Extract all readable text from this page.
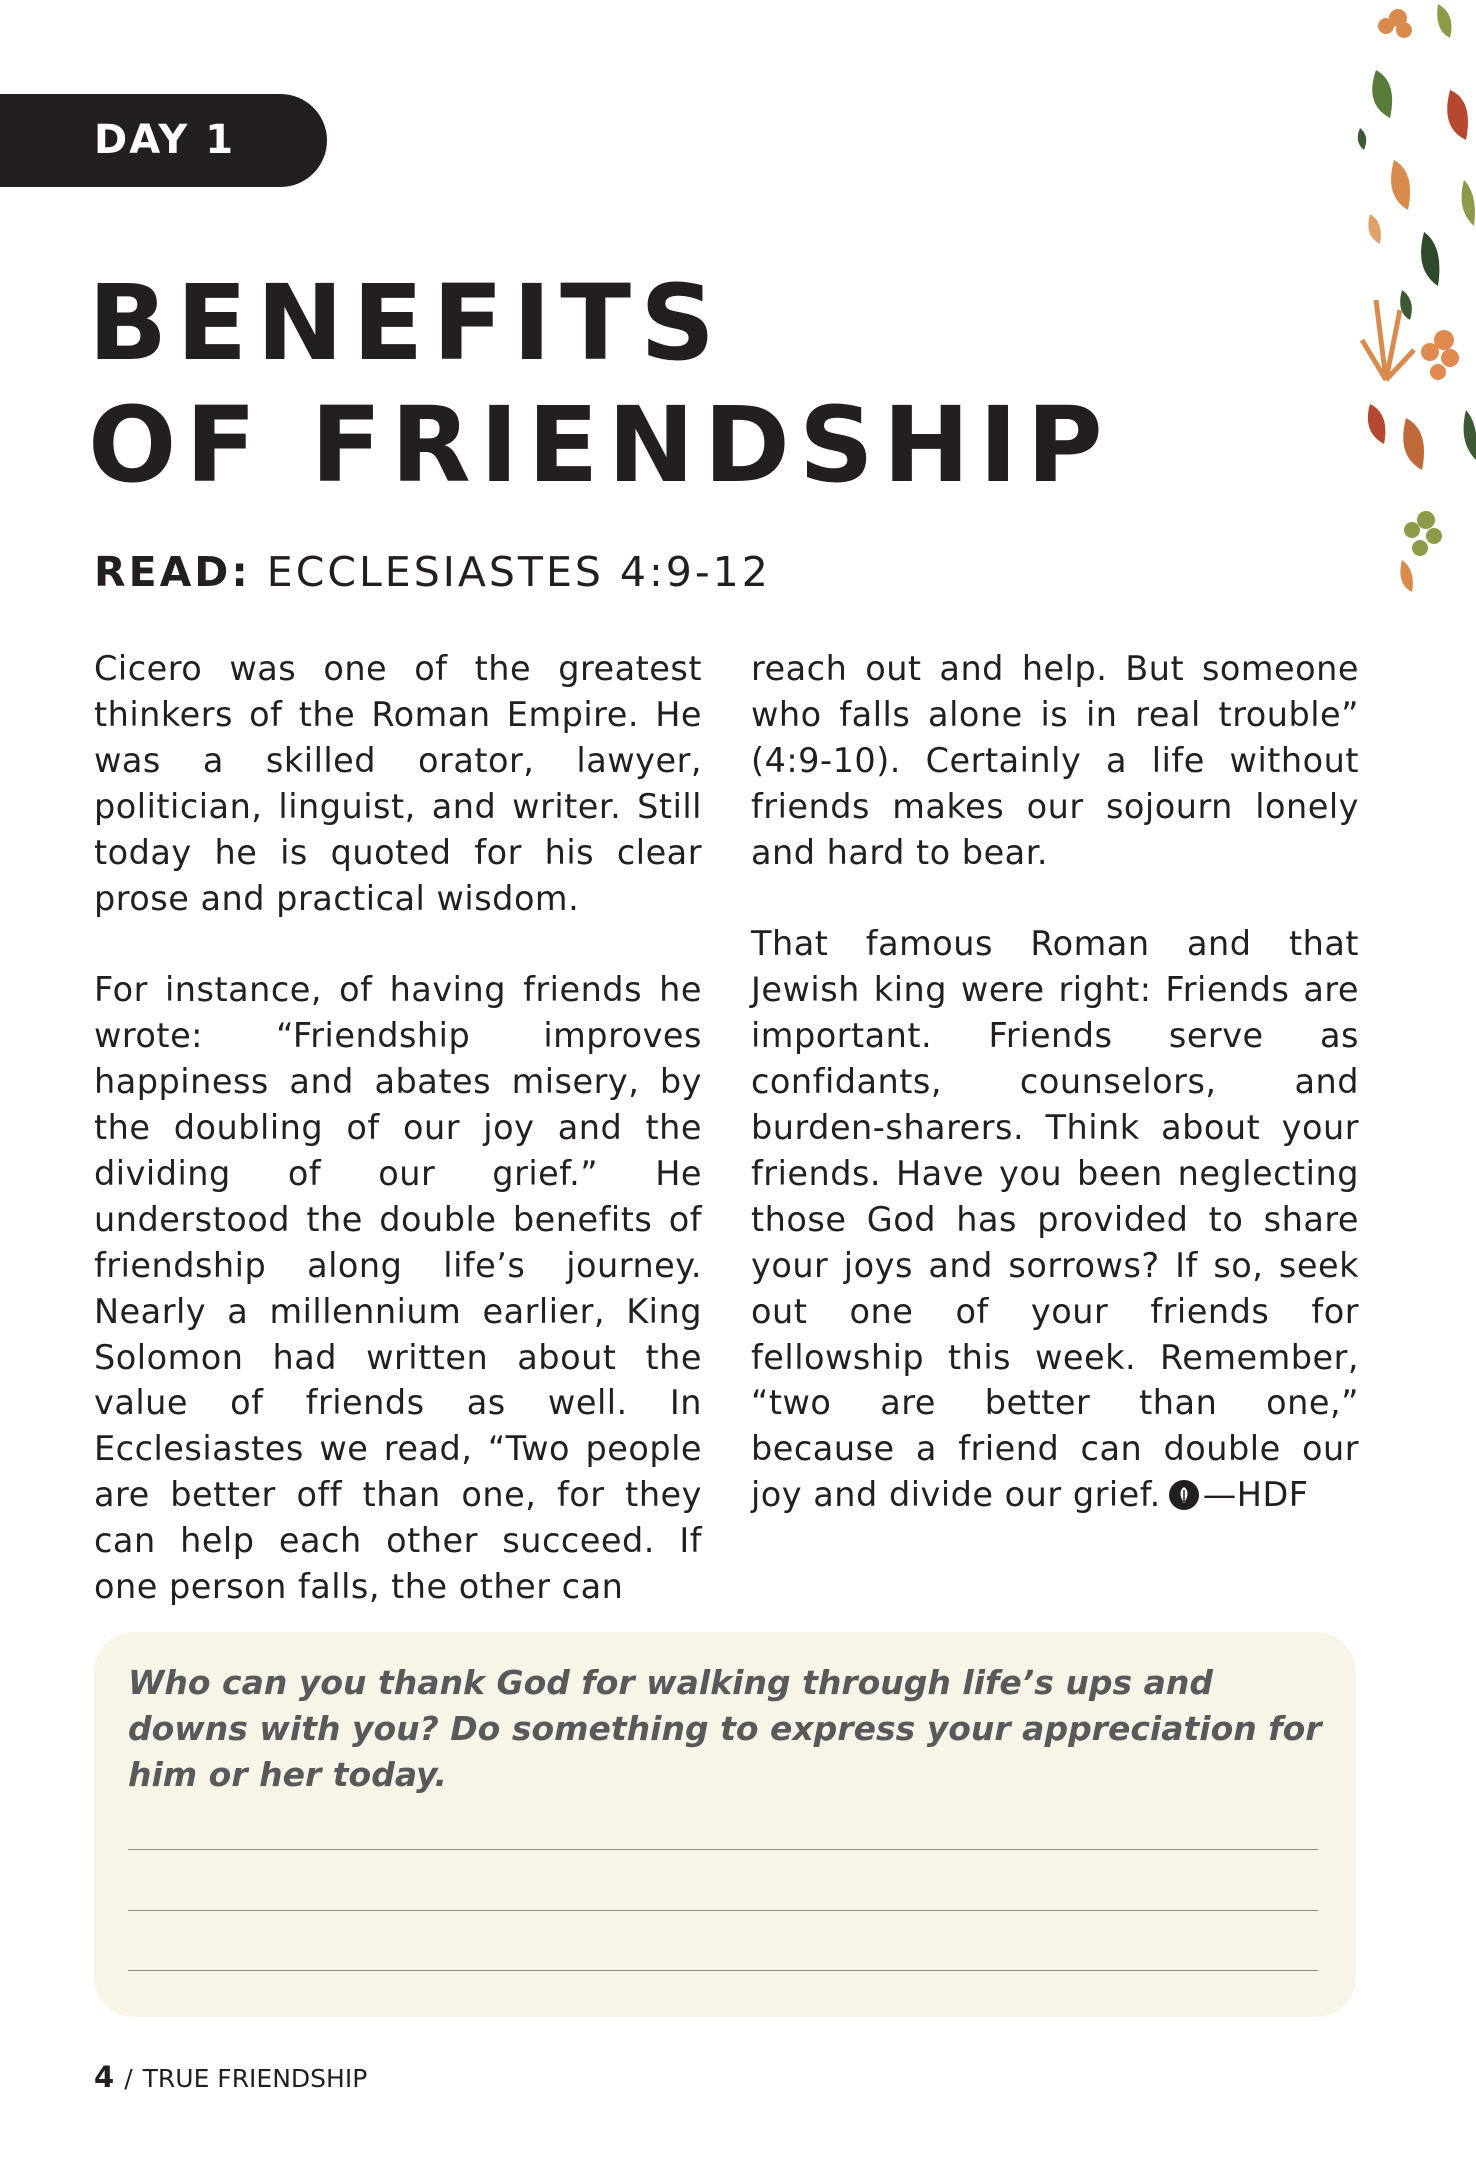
DAY 1
BENEFITS
OF FRIENDSHIP
READ: ECCLESIASTES 4:9-12

Cicero was one of the greatest thinkers of the Roman Empire. He was a skilled orator, lawyer, politician, linguist, and writer. Still today he is quoted for his clear prose and practical wisdom.

For instance, of having friends he wrote: “Friendship improves happiness and abates misery, by the doubling of our joy and the dividing of our grief.” He understood the double benefits of friendship along life’s journey. Nearly a millennium earlier, King Solomon had written about the value of friends as well. In Ecclesiastes we read, “Two people are better off than one, for they can help each other succeed. If one person falls, the other can

reach out and help. But someone who falls alone is in real trouble” (4:9-10). Certainly a life without friends makes our sojourn lonely and hard to bear.

That famous Roman and that Jewish king were right: Friends are important. Friends serve as confidants, counselors, and burden-sharers. Think about your friends. Have you been neglecting those God has provided to share your joys and sorrows? If so, seek out one of your friends for fellowship this week. Remember, “two are better than one,” because a friend can double our joy and divide our grief. —HDF

Who can you thank God for walking through life’s ups and downs with you? Do something to express your appreciation for him or her today.

4 / TRUE FRIENDSHIP
